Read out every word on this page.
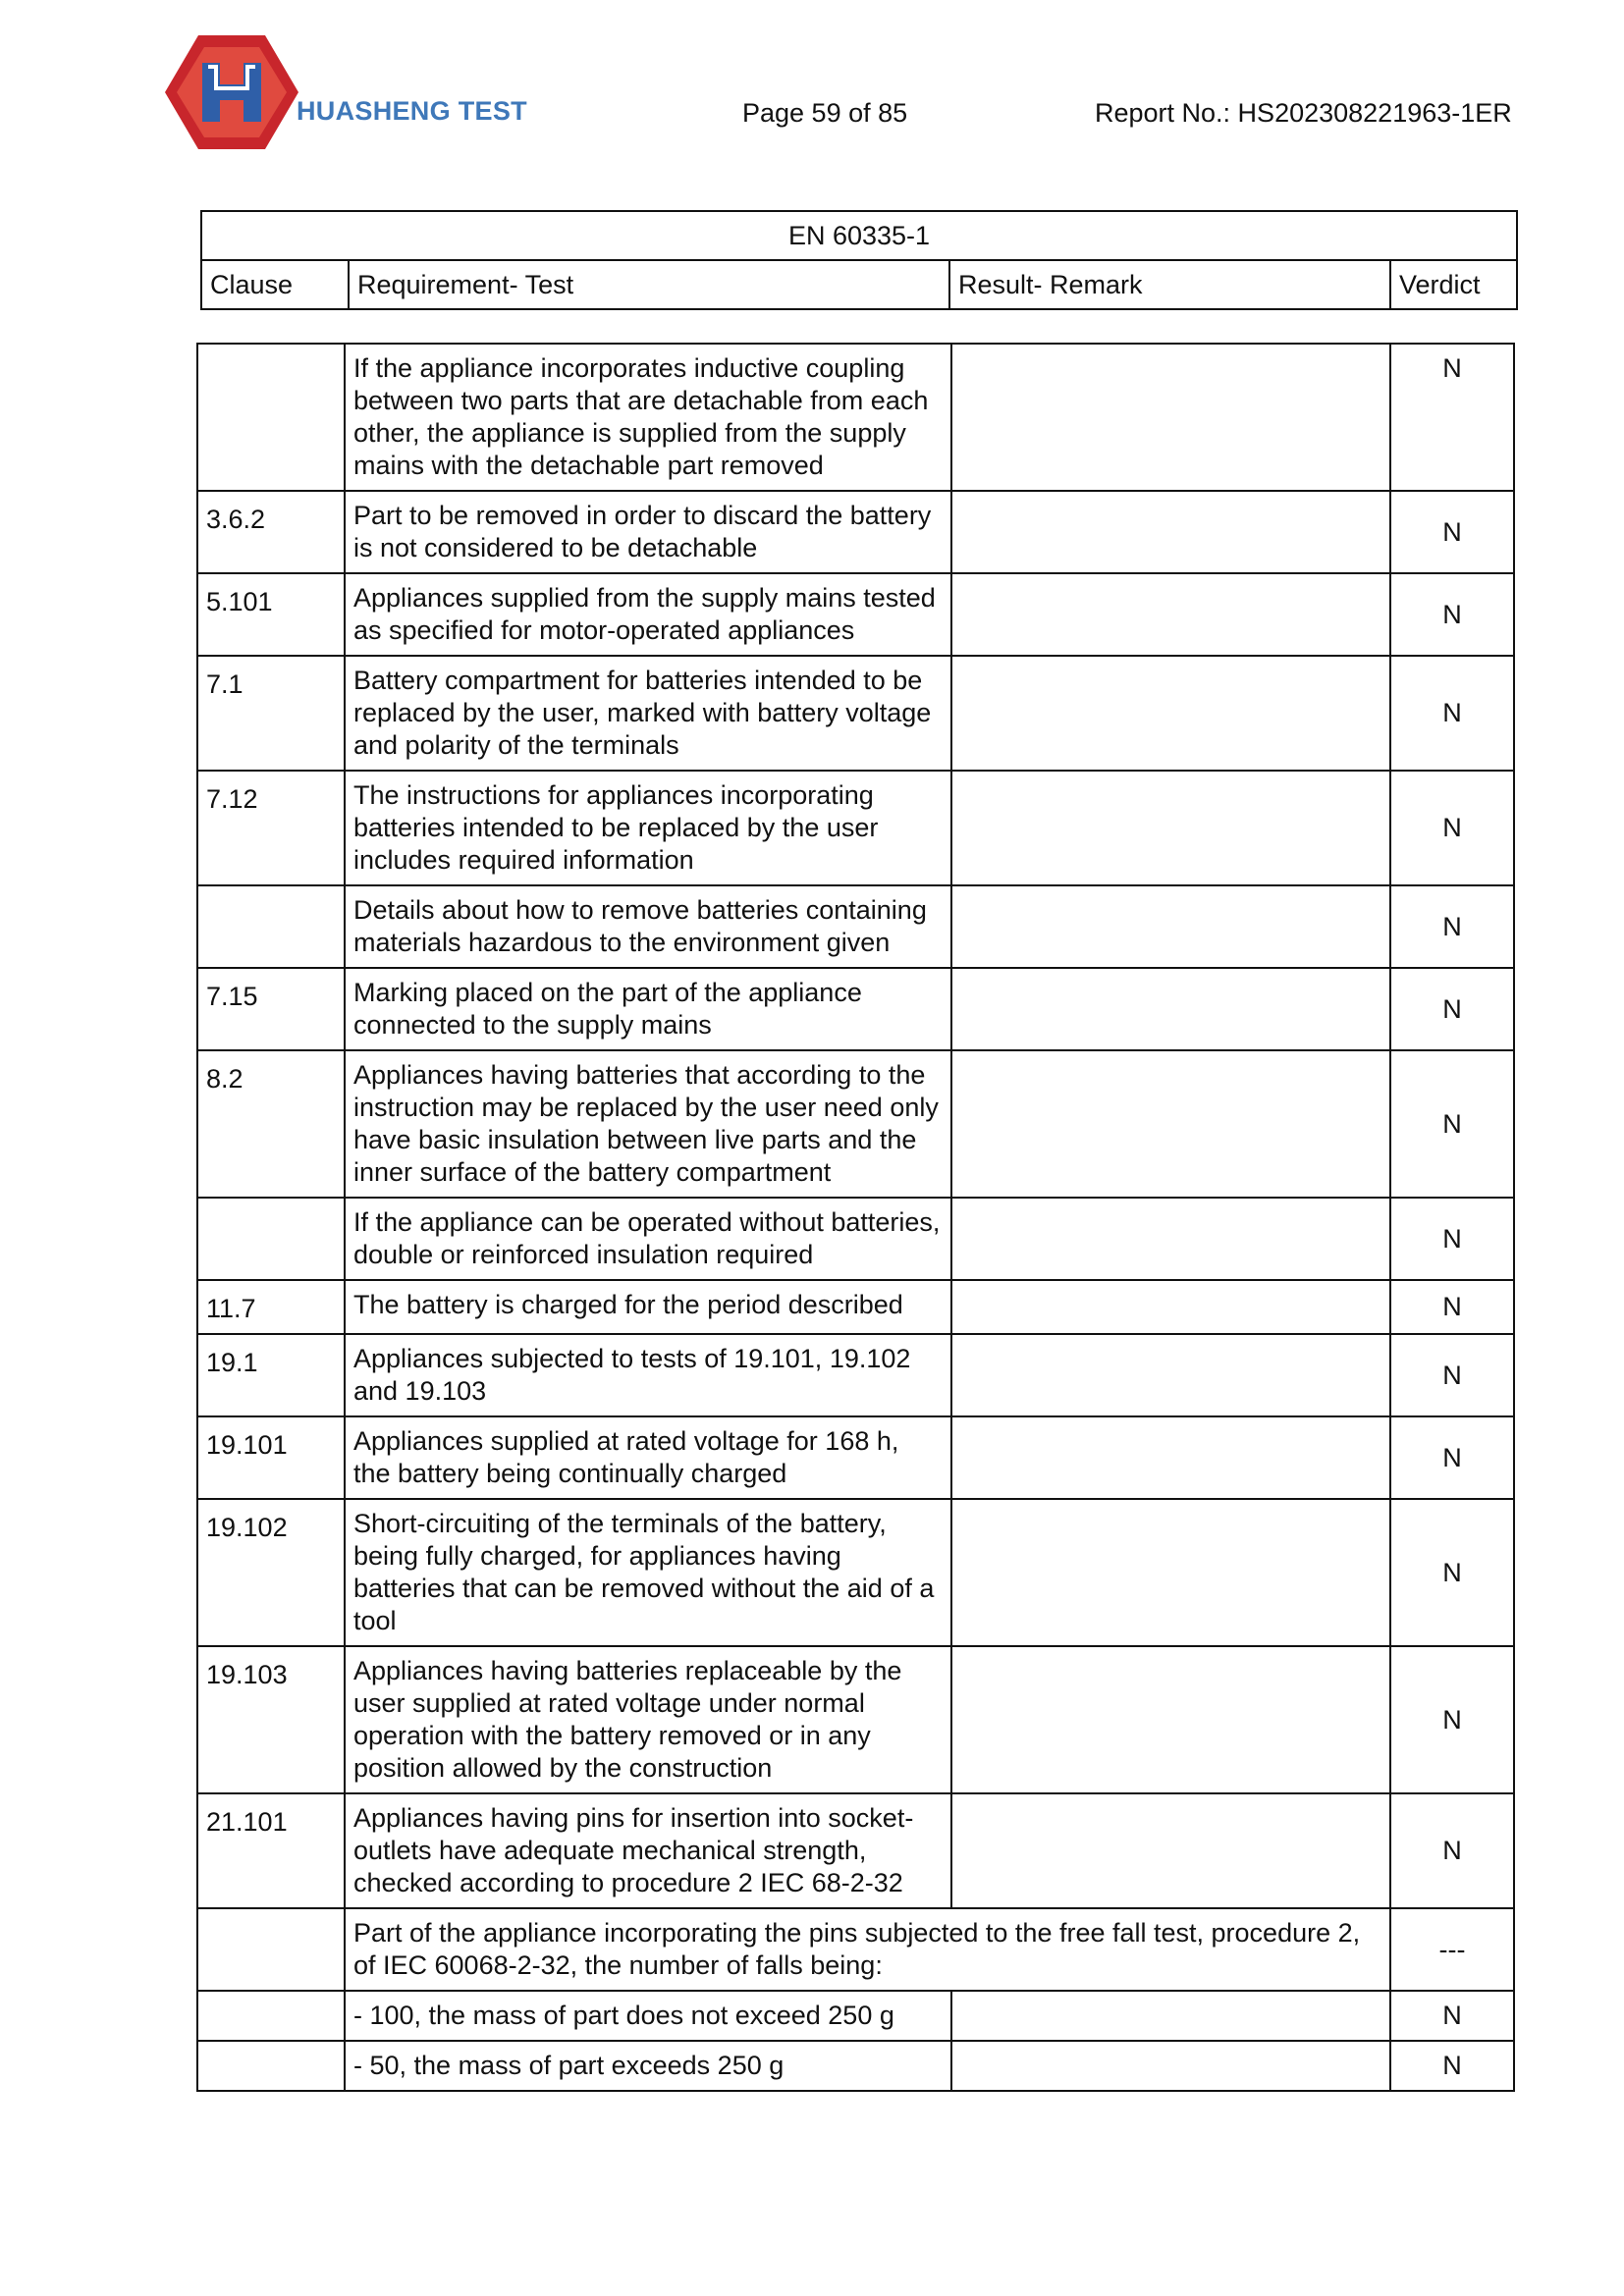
HUASHENG TEST	Page 59 of 85	Report No.: HS202308221963-1ER
EN 60335-1
Clause	Requirement- Test	Result- Remark	Verdict
	If the appliance incorporates inductive coupling between two parts that are detachable from each other, the appliance is supplied from the supply mains with the detachable part removed		N
3.6.2	Part to be removed in order to discard the battery is not considered to be detachable		N
5.101	Appliances supplied from the supply mains tested as specified for motor-operated appliances		N
7.1	Battery compartment for batteries intended to be replaced by the user, marked with battery voltage and polarity of the terminals		N
7.12	The instructions for appliances incorporating batteries intended to be replaced by the user includes required information		N
	Details about how to remove batteries containing materials hazardous to the environment given		N
7.15	Marking placed on the part of the appliance connected to the supply mains		N
8.2	Appliances having batteries that according to the instruction may be replaced by the user need only have basic insulation between live parts and the inner surface of the battery compartment		N
	If the appliance can be operated without batteries, double or reinforced insulation required		N
11.7	The battery is charged for the period described		N
19.1	Appliances subjected to tests of 19.101, 19.102 and 19.103		N
19.101	Appliances supplied at rated voltage for 168 h, the battery being continually charged		N
19.102	Short-circuiting of the terminals of the battery, being fully charged, for appliances having batteries that can be removed without the aid of a tool		N
19.103	Appliances having batteries replaceable by the user supplied at rated voltage under normal operation with the battery removed or in any position allowed by the construction		N
21.101	Appliances having pins for insertion into socket-outlets have adequate mechanical strength, checked according to procedure 2 IEC 68-2-32		N
	Part of the appliance incorporating the pins subjected to the free fall test, procedure 2, of IEC 60068-2-32, the number of falls being:		---
	- 100, the mass of part does not exceed 250 g		N
	- 50, the mass of part exceeds 250 g		N
